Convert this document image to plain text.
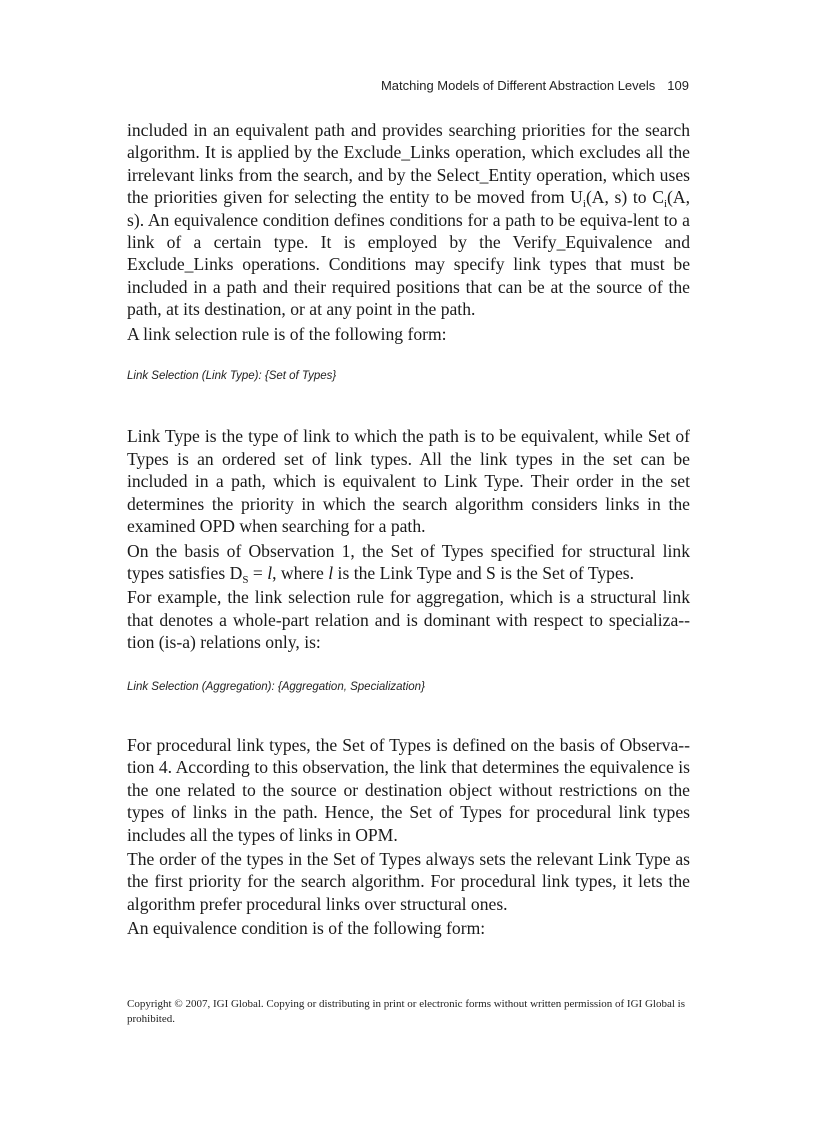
Matching Models of Different Abstraction Levels 109

included in an equivalent path and provides searching priorities for the search algorithm. It is applied by the Exclude_Links operation, which excludes all the irrelevant links from the search, and by the Select_Entity operation, which uses the priorities given for selecting the entity to be moved from $U_i(A$, s) to $C_i(A$, s). An equivalence condition defines conditions for a path to be equiva-lent to a link of a certain type. It is employed by the Verify_Equivalence and Exclude_Links operations. Conditions may specify link types that must be included in a path and their required positions that can be at the source of the path, at its destination, or at any point in the path.

A link selection rule is of the following form:

Link Selection (Link Type): {Set of Types}

Link Type is the type of link to which the path is to be equivalent, while Set of Types is an ordered set of link types. All the link types in the set can be included in a path, which is equivalent to Link Type. Their order in the set determines the priority in which the search algorithm considers links in the examined OPD when searching for a path.

On the basis of Observation 1, the Set of Types specified for structural link types satisfies $D_S = l$, where l is the Link Type and S is the Set of Types.

For example, the link selection rule for aggregation, which is a structural link that denotes a whole-part relation and is dominant with respect to specializa-tion (is-a) relations only, is:

Link Selection (Aggregation): {Aggregation, Specialization}

For procedural link types, the Set of Types is defined on the basis of Observa-tion 4. According to this observation, the link that determines the equivalence is the one related to the source or destination object without restrictions on the types of links in the path. Hence, the Set of Types for procedural link types includes all the types of links in OPM.

The order of the types in the Set of Types always sets the relevant Link Type as the first priority for the search algorithm. For procedural link types, it lets the algorithm prefer procedural links over structural ones.

An equivalence condition is of the following form:

Copyright © 2007, IGI Global. Copying or distributing in print or electronic forms without written permission of IGI Global is prohibited.
